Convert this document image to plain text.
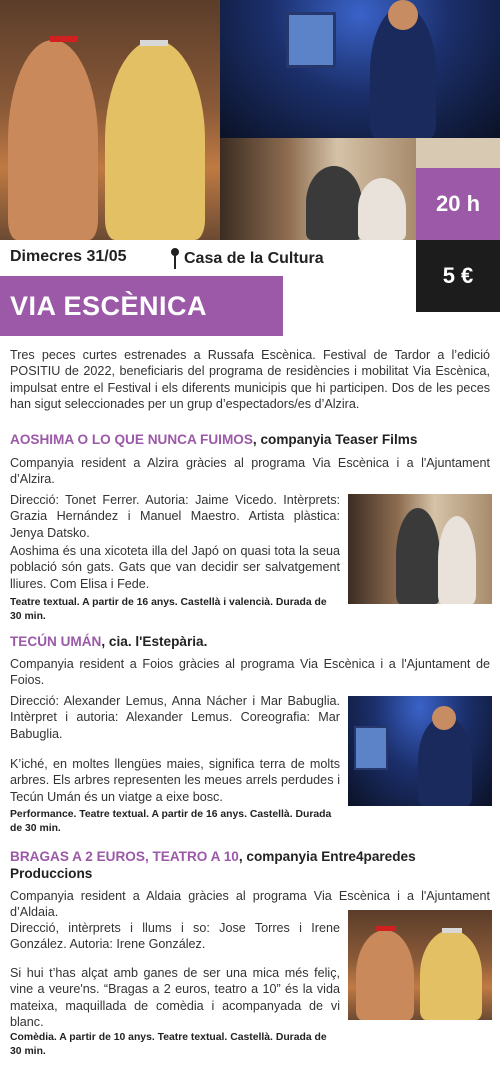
20 h
5 €
Dimecres 31/05	Casa de la Cultura
VIA ESCÈNICA
Tres peces curtes estrenades a Russafa Escènica. Festival de Tardor a l’edició POSITIU de 2022, beneficiaris del programa de residències i mobilitat Via Escènica, impulsat entre el Festival i els diferents municipis que hi participen. Dos de les peces han sigut seleccionades per un grup d’espectadors/es d’Alzira.
AOSHIMA O LO QUE NUNCA FUIMOS, companyia Teaser Films
Companyia resident a Alzira gràcies al programa Via Escènica i a l'Ajuntament d’Alzira.
Direcció: Tonet Ferrer. Autoria: Jaime Vicedo. Intèrprets: Grazia Hernández i Manuel Maestro. Artista plàstica: Jenya Datsko.
Aoshima és una xicoteta illa del Japó on quasi tota la seua població són gats. Gats que van decidir ser salvatgement lliures. Com Elisa i Fede.
Teatre textual. A partir de 16 anys. Castellà i valencià. Durada de 30 min.
TECÚN UMÁN, cia. l'Estepària.
Companyia resident a Foios gràcies al programa Via Escènica i a l'Ajuntament de Foios.
Direcció: Alexander Lemus, Anna Nácher i Mar Babuglia. Intèrpret i autoria: Alexander Lemus. Coreografia: Mar Babuglia.
K’iché, en moltes llengües maies, significa terra de molts arbres. Els arbres representen les meues arrels perdudes i Tecún Umán és un viatge a eixe bosc.
Performance. Teatre textual. A partir de 16 anys. Castellà. Durada de 30 min.
BRAGAS A 2 EUROS, TEATRO A 10, companyia Entre4paredes Produccions
Companyia resident a Aldaia gràcies al programa Via Escènica i a l'Ajuntament d’Aldaia.
Direcció, intèrprets i llums i so: Jose Torres i Irene González. Autoria: Irene González.
Si hui t’has alçat amb ganes de ser una mica més feliç, vine a veure'ns. “Bragas a 2 euros, teatro a 10” és la vida mateixa, maquillada de comèdia i acompanyada de vi blanc.
Comèdia. A partir de 10 anys. Teatre textual. Castellà. Durada de 30 min.
